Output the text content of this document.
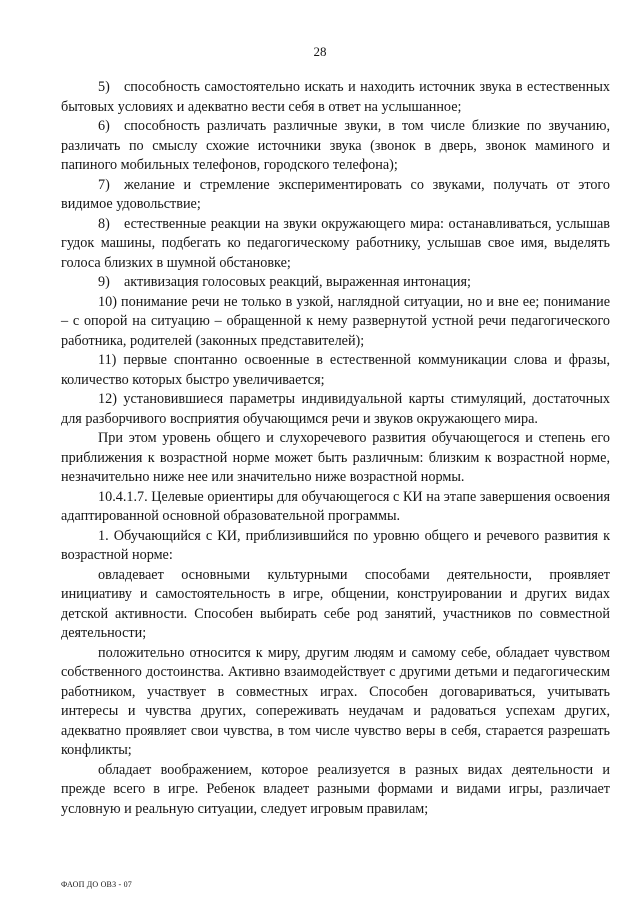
28

5) способность самостоятельно искать и находить источник звука в естественных бытовых условиях и адекватно вести себя в ответ на услышанное;

6) способность различать различные звуки, в том числе близкие по звучанию, различать по смыслу схожие источники звука (звонок в дверь, звонок маминого и папиного мобильных телефонов, городского телефона);

7) желание и стремление экспериментировать со звуками, получать от этого видимое удовольствие;

8) естественные реакции на звуки окружающего мира: останавливаться, услышав гудок машины, подбегать ко педагогическому работнику, услышав свое имя, выделять голоса близких в шумной обстановке;

9) активизация голосовых реакций, выраженная интонация;

10) понимание речи не только в узкой, наглядной ситуации, но и вне ее; понимание – с опорой на ситуацию – обращенной к нему развернутой устной речи педагогического работника, родителей (законных представителей);

11) первые спонтанно освоенные в естественной коммуникации слова и фразы, количество которых быстро увеличивается;

12) установившиеся параметры индивидуальной карты стимуляций, достаточных для разборчивого восприятия обучающимся речи и звуков окружающего мира.

При этом уровень общего и слухоречевого развития обучающегося и степень его приближения к возрастной норме может быть различным: близким к возрастной норме, незначительно ниже нее или значительно ниже возрастной нормы.

10.4.1.7. Целевые ориентиры для обучающегося с КИ на этапе завершения освоения адаптированной основной образовательной программы.

1. Обучающийся с КИ, приблизившийся по уровню общего и речевого развития к возрастной норме:

овладевает основными культурными способами деятельности, проявляет инициативу и самостоятельность в игре, общении, конструировании и других видах детской активности. Способен выбирать себе род занятий, участников по совместной деятельности;

положительно относится к миру, другим людям и самому себе, обладает чувством собственного достоинства. Активно взаимодействует с другими детьми и педагогическим работником, участвует в совместных играх. Способен договариваться, учитывать интересы и чувства других, сопереживать неудачам и радоваться успехам других, адекватно проявляет свои чувства, в том числе чувство веры в себя, старается разрешать конфликты;

обладает воображением, которое реализуется в разных видах деятельности и прежде всего в игре. Ребенок владеет разными формами и видами игры, различает условную и реальную ситуации, следует игровым правилам;

ФАОП ДО ОВЗ - 07
